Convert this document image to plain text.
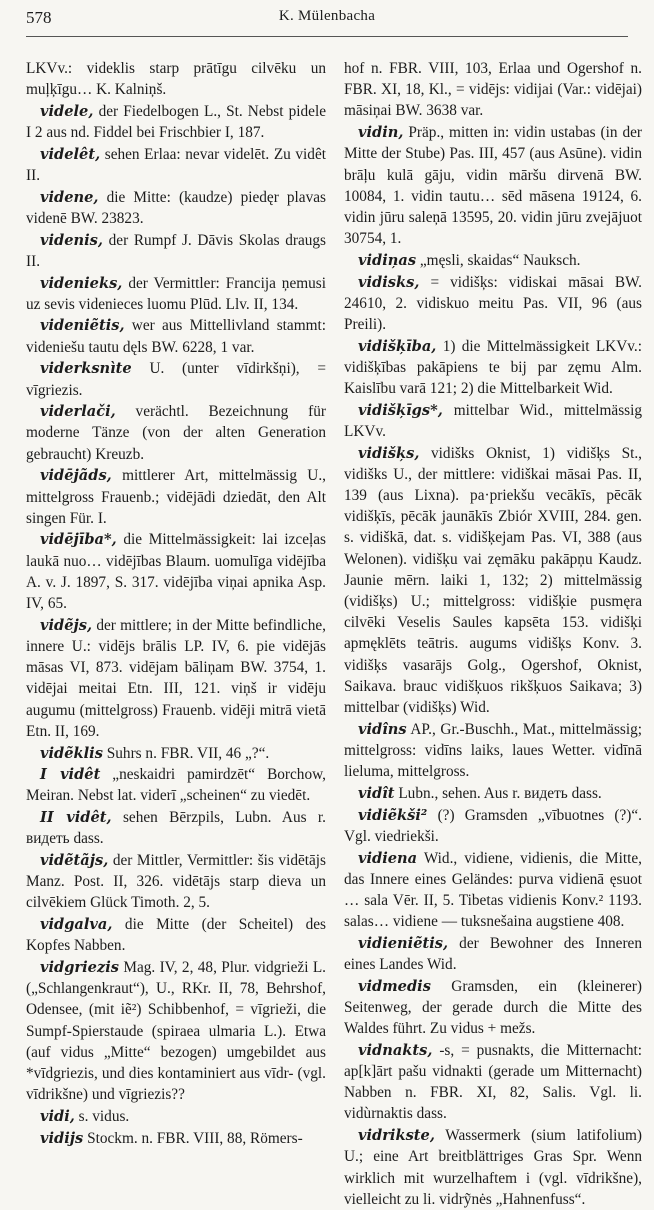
578	K. Mülenbacha

LKVv.: videklis starp prātīgu cilvēku un muļķīgu… K. Kalniņš.

videle, der Fiedelbogen L., St. Nebst pidele I 2 aus nd. Fiddel bei Frischbier I, 187.

videlêt, sehen Erlaa: nevar videlēt. Zu vidêt II.

videne, die Mitte: (kaudze) piedęr plavas videnē BW. 23823.

videnis, der Rumpf J. Dāvis Skolas draugs II.

videnieks, der Vermittler: Francija ņemusi uz sevis videnieces luomu Plūd. Llv. II, 134.

videniẽtis, wer aus Mittellivland stammt: videniešu tautu dęls BW. 6228, 1 var.

viderksnìte U. (unter vīdirkšņi), = vīgriezis.

viderlači, verächtl. Bezeichnung für moderne Tänze (von der alten Generation gebraucht) Kreuzb.

vidējãds, mittlerer Art, mittelmässig U., mittelgross Frauenb.; vidējādi dziedāt, den Alt singen Für. I.

vidējība*, die Mittelmässigkeit: lai izceļas laukā nuo… vidējības Blaum. uomulīga vidējība A. v. J. 1897, S. 317. vidējība viņai apnika Asp. IV, 65.

vidẽjs, der mittlere; in der Mitte befindliche, innere U.: vidējs brālis LP. IV, 6. pie vidējās māsas VI, 873. vidējam bāliņam BW. 3754, 1. vidējai meitai Etn. III, 121. viņš ir vidēju augumu (mittelgross) Frauenb. vidēji mitrā vietā Etn. II, 169.

vidẽklis Suhrs n. FBR. VII, 46 „?“.

I vidêt „neskaidri pamirdzēt“ Borchow, Meiran. Nebst lat. viderī „scheinen“ zu viedēt.

II vidêt, sehen Bērzpils, Lubn. Aus r. видеть dass.

vidẽtãjs, der Mittler, Vermittler: šis vidētājs Manz. Post. II, 326. vidētājs starp dieva un cilvēkiem Glück Timoth. 2, 5.

vidgalva, die Mitte (der Scheitel) des Kopfes Nabben.

vidgriezis Mag. IV, 2, 48, Plur. vidgrieži L. („Schlangenkraut“), U., RKr. II, 78, Behrshof, Odensee, (mit iẽ²) Schibbenhof, = vīgrieži, die Sumpf-Spierstaude (spiraea ulmaria L.). Etwa (auf vidus „Mitte“ bezogen) umgebildet aus *vīdgriezis, und dies kontaminiert aus vīdr- (vgl. vīdrikšne) und vīgriezis??

vidi, s. vidus.

vidijs Stockm. n. FBR. VIII, 88, Römers-

hof n. FBR. VIII, 103, Erlaa und Ogershof n. FBR. XI, 18, Kl., = vidējs: vidijai (Var.: vidējai) māsiņai BW. 3638 var.

vidin, Präp., mitten in: vidin ustabas (in der Mitte der Stube) Pas. III, 457 (aus Asūne). vidin brāļu kulā gāju, vidin māršu dirvenā BW. 10084, 1. vidin tautu… sēd māsena 19124, 6. vidin jūru saleņā 13595, 20. vidin jūru zvejājuot 30754, 1.

vidiņas „męsli, skaidas“ Nauksch.

vidisks, = vidišķs: vidiskai māsai BW. 24610, 2. vidiskuo meitu Pas. VII, 96 (aus Preili).

vidišķība, 1) die Mittelmässigkeit LKVv.: vidišķības pakāpiens te bij par zęmu Alm. Kaislību varā 121; 2) die Mittelbarkeit Wid.

vidišķīgs*, mittelbar Wid., mittelmässig LKVv.

vidišķs, vidišks Oknist, 1) vidišķs St., vidišks U., der mittlere: vidiškai māsai Pas. II, 139 (aus Lixna). pa·priekšu vecākīs, pēcāk vidišķīs, pēcāk jaunākīs Zbiór XVIII, 284. gen. s. vidiškā, dat. s. vidišķejam Pas. VI, 388 (aus Welonen). vidišķu vai zęmāku pakāpņu Kaudz. Jaunie mērn. laiki 1, 132; 2) mittelmässig (vidišķs) U.; mittelgross: vidišķie pusmęra cilvēki Veselis Saules kapsēta 153. vidišķi apmęklēts teātris. augums vidišķs Konv. 3. vidišķs vasarājs Golg., Ogershof, Oknist, Saikava. brauc vidišķuos rikšķuos Saikava; 3) mittelbar (vidišķs) Wid.

vidîns AP., Gr.-Buschh., Mat., mittelmässig; mittelgross: vidīns laiks, laues Wetter. vidīnā lieluma, mittelgross.

vidît Lubn., sehen. Aus r. видеть dass.

vidiẽkši² (?) Gramsden „vībuotnes (?)“. Vgl. viedriekši.

vidiena Wid., vidiene, vidienis, die Mitte, das Innere eines Geländes: purva vidienā ęsuot … sala Vēr. II, 5. Tibetas vidienis Konv.² 1193. salas… vidiene — tuksnešaina augstiene 408.

vidieniẽtis, der Bewohner des Inneren eines Landes Wid.

vidmedis Gramsden, ein (kleinerer) Seitenweg, der gerade durch die Mitte des Waldes führt. Zu vidus + mežs.

vidnakts, -s, = pusnakts, die Mitternacht: ap[k]ārt pašu vidnakti (gerade um Mitternacht) Nabben n. FBR. XI, 82, Salis. Vgl. li. vidùrnaktis dass.

vidrikste, Wassermerk (sium latifolium) U.; eine Art breitblättriges Gras Spr. Wenn wirklich mit wurzelhaftem i (vgl. vīdrikšne), vielleicht zu li. vidrỹnės „Hahnenfuss“.
